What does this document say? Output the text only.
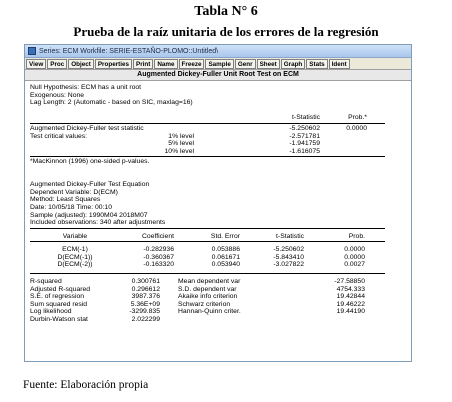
Tabla N° 6
Prueba de la raíz unitaria de los errores de la regresión
Series: ECM Workfile: SERIE-ESTAÑO-PLOMO::Untitled\
View	Proc	Object	Properties	Print	Name	Freeze	Sample	Genr	Sheet	Graph	Stats	Ident
Augmented Dickey-Fuller Unit Root Test on ECM
Null Hypothesis: ECM has a unit root
Exogenous: None
Lag Length: 2 (Automatic - based on SIC, maxlag=16)
t-Statistic	Prob.*
Augmented Dickey-Fuller test statistic	-5.250602	0.0000
Test critical values:	1% level	-2.571781
5% level	-1.941759
10% level	-1.616075
*MacKinnon (1996) one-sided p-values.
Augmented Dickey-Fuller Test Equation
Dependent Variable: D(ECM)
Method: Least Squares
Date: 10/05/18 Time: 00:10
Sample (adjusted): 1990M04 2018M07
Included observations: 340 after adjustments
Variable	Coefficient	Std. Error	t-Statistic	Prob.
ECM(-1)	-0.282936	0.053886	-5.250602	0.0000
D(ECM(-1))	-0.360367	0.061671	-5.843410	0.0000
D(ECM(-2))	-0.163320	0.053940	-3.027822	0.0027
R-squared	0.300761	Mean dependent var	-27.58850
Adjusted R-squared	0.296612	S.D. dependent var	4754.333
S.E. of regression	3987.376	Akaike info criterion	19.42844
Sum squared resid	5.36E+09	Schwarz criterion	19.46222
Log likelihood	-3299.835	Hannan-Quinn criter.	19.44190
Durbin-Watson stat	2.022299
Fuente: Elaboración propia
